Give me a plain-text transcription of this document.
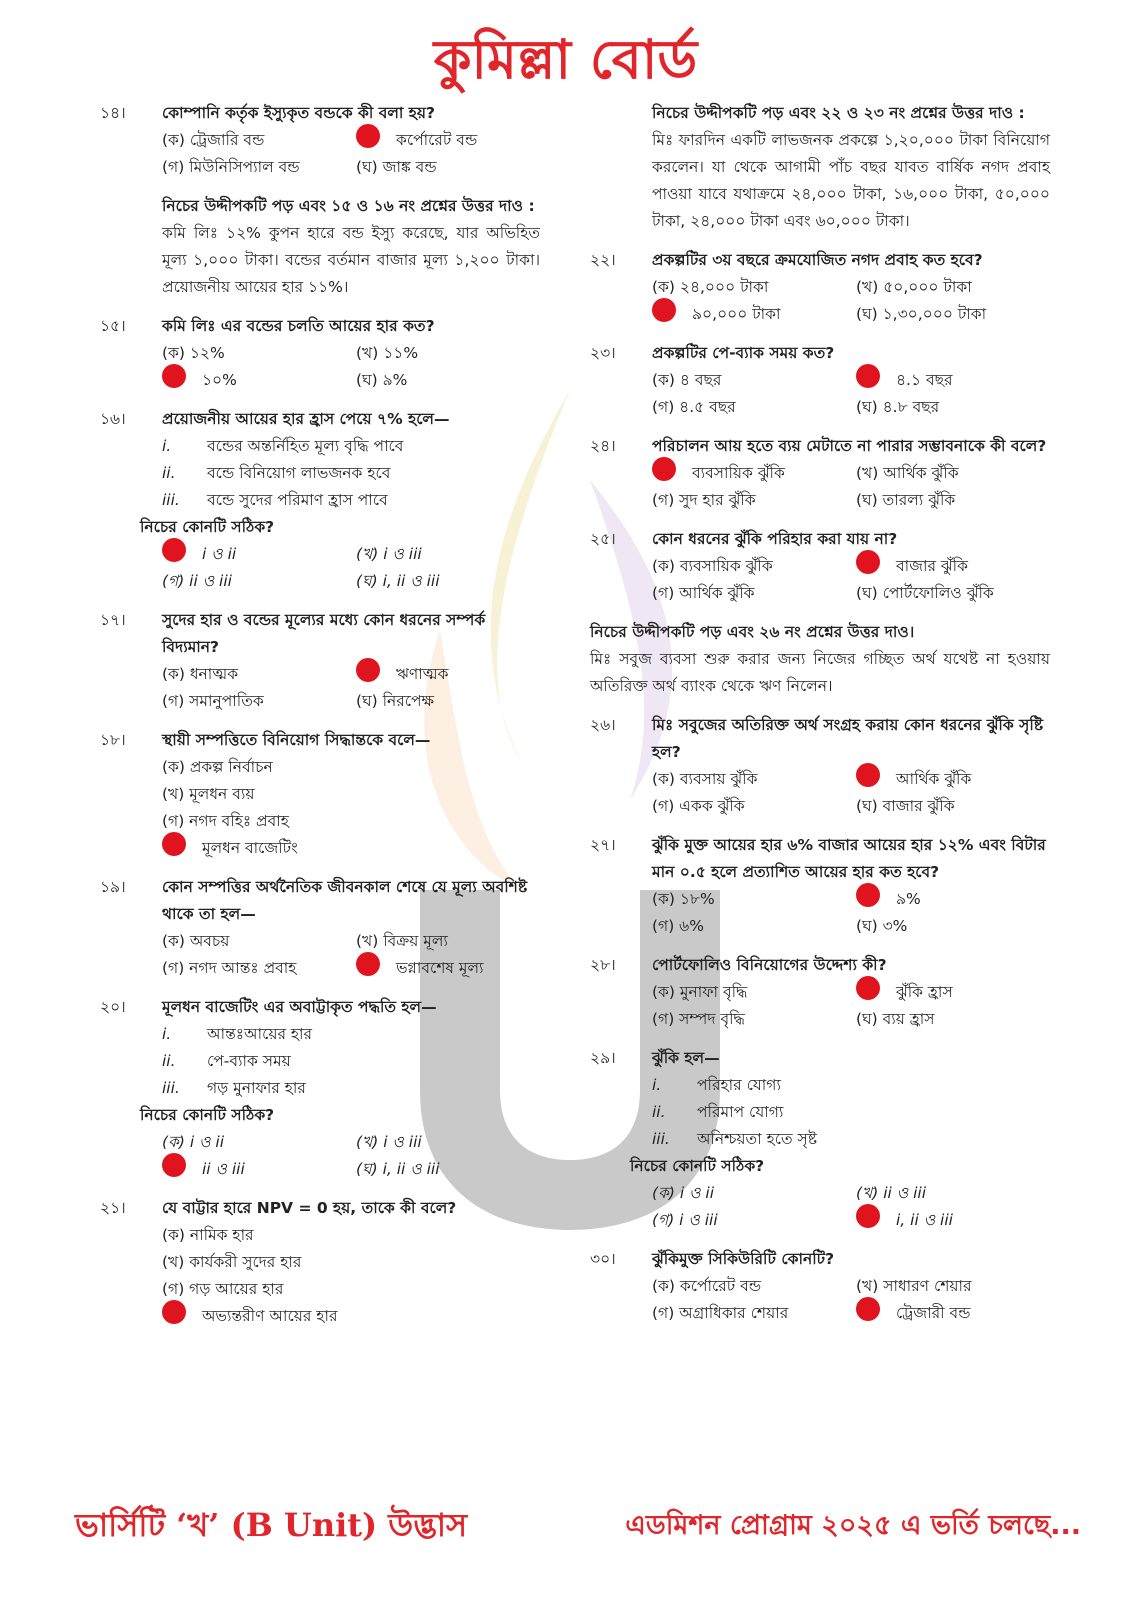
কুমিল্লা বোর্ড
১৪।	কোম্পানি কর্তৃক ইস্যুকৃত বন্ডকে কী বলা হয়?
(ক) ট্রেজারি বন্ড	কর্পোরেট বন্ড
(গ) মিউনিসিপ্যাল বন্ড	(ঘ) জাঙ্ক বন্ড
নিচের উদ্দীপকটি পড় এবং ১৫ ও ১৬ নং প্রশ্নের উত্তর দাও :
কমি লিঃ ১২% কুপন হারে বন্ড ইস্যু করেছে, যার অভিহিত মূল্য ১,০০০ টাকা। বন্ডের বর্তমান বাজার মূল্য ১,২০০ টাকা। প্রয়োজনীয় আয়ের হার ১১%।
১৫।	কমি লিঃ এর বন্ডের চলতি আয়ের হার কত?
(ক) ১২%	(খ) ১১%
১০%	(ঘ) ৯%
১৬।	প্রয়োজনীয় আয়ের হার হ্রাস পেয়ে ৭% হলে—
i.	বন্ডের অন্তর্নিহিত মূল্য বৃদ্ধি পাবে
ii.	বন্ডে বিনিয়োগ লাভজনক হবে
iii.	বন্ডে সুদের পরিমাণ হ্রাস পাবে
নিচের কোনটি সঠিক?
i ও ii	(খ) i ও iii
(গ) ii ও iii	(ঘ) i, ii ও iii
১৭।	সুদের হার ও বন্ডের মূল্যের মধ্যে কোন ধরনের সম্পর্ক বিদ্যমান?
(ক) ধনাত্মক	ঋণাত্মক
(গ) সমানুপাতিক	(ঘ) নিরপেক্ষ
১৮।	স্থায়ী সম্পত্তিতে বিনিয়োগ সিদ্ধান্তকে বলে—
(ক) প্রকল্প নির্বাচন
(খ) মূলধন ব্যয়
(গ) নগদ বহিঃ প্রবাহ
মূলধন বাজেটিং
১৯।	কোন সম্পত্তির অর্থনৈতিক জীবনকাল শেষে যে মূল্য অবশিষ্ট থাকে তা হল—
(ক) অবচয়	(খ) বিক্রয় মূল্য
(গ) নগদ আন্তঃ প্রবাহ	ভগ্নাবশেষ মূল্য
২০।	মূলধন বাজেটিং এর অবাট্টাকৃত পদ্ধতি হল—
i.	আন্তঃআয়ের হার
ii.	পে-ব্যাক সময়
iii.	গড় মুনাফার হার
নিচের কোনটি সঠিক?
(ক) i ও ii	(খ) i ও iii
ii ও iii	(ঘ) i, ii ও iii
২১।	যে বাট্টার হারে NPV = 0 হয়, তাকে কী বলে?
(ক) নামিক হার
(খ) কার্যকরী সুদের হার
(গ) গড় আয়ের হার
অভ্যন্তরীণ আয়ের হার
নিচের উদ্দীপকটি পড় এবং ২২ ও ২৩ নং প্রশ্নের উত্তর দাও :
মিঃ ফারদিন একটি লাভজনক প্রকল্পে ১,২০,০০০ টাকা বিনিয়োগ করলেন। যা থেকে আগামী পাঁচ বছর যাবত বার্ষিক নগদ প্রবাহ পাওয়া যাবে যথাক্রমে ২৪,০০০ টাকা, ১৬,০০০ টাকা, ৫০,০০০ টাকা, ২৪,০০০ টাকা এবং ৬০,০০০ টাকা।
২২।	প্রকল্পটির ৩য় বছরে ক্রমযোজিত নগদ প্রবাহ কত হবে?
(ক) ২৪,০০০ টাকা	(খ) ৫০,০০০ টাকা
৯০,০০০ টাকা	(ঘ) ১,৩০,০০০ টাকা
২৩।	প্রকল্পটির পে-ব্যাক সময় কত?
(ক) ৪ বছর	৪.১ বছর
(গ) ৪.৫ বছর	(ঘ) ৪.৮ বছর
২৪।	পরিচালন আয় হতে ব্যয় মেটাতে না পারার সম্ভাবনাকে কী বলে?
ব্যবসায়িক ঝুঁকি	(খ) আর্থিক ঝুঁকি
(গ) সুদ হার ঝুঁকি	(ঘ) তারল্য ঝুঁকি
২৫।	কোন ধরনের ঝুঁকি পরিহার করা যায় না?
(ক) ব্যবসায়িক ঝুঁকি	বাজার ঝুঁকি
(গ) আর্থিক ঝুঁকি	(ঘ) পোর্টফোলিও ঝুঁকি
নিচের উদ্দীপকটি পড় এবং ২৬ নং প্রশ্নের উত্তর দাও।
মিঃ সবুজ ব্যবসা শুরু করার জন্য নিজের গচ্ছিত অর্থ যথেষ্ট না হওয়ায় অতিরিক্ত অর্থ ব্যাংক থেকে ঋণ নিলেন।
২৬।	মিঃ সবুজের অতিরিক্ত অর্থ সংগ্রহ করায় কোন ধরনের ঝুঁকি সৃষ্টি হল?
(ক) ব্যবসায় ঝুঁকি	আর্থিক ঝুঁকি
(গ) একক ঝুঁকি	(ঘ) বাজার ঝুঁকি
২৭।	ঝুঁকি মুক্ত আয়ের হার ৬% বাজার আয়ের হার ১২% এবং বিটার মান ০.৫ হলে প্রত্যাশিত আয়ের হার কত হবে?
(ক) ১৮%	৯%
(গ) ৬%	(ঘ) ৩%
২৮।	পোর্টফোলিও বিনিয়োগের উদ্দেশ্য কী?
(ক) মুনাফা বৃদ্ধি	ঝুঁকি হ্রাস
(গ) সম্পদ বৃদ্ধি	(ঘ) ব্যয় হ্রাস
২৯।	ঝুঁকি হল—
i.	পরিহার যোগ্য
ii.	পরিমাপ যোগ্য
iii.	অনিশ্চয়তা হতে সৃষ্ট
নিচের কোনটি সঠিক?
(ক) i ও ii	(খ) ii ও iii
(গ) i ও iii	i, ii ও iii
৩০।	ঝুঁকিমুক্ত সিকিউরিটি কোনটি?
(ক) কর্পোরেট বন্ড	(খ) সাধারণ শেয়ার
(গ) অগ্রাধিকার শেয়ার	ট্রেজারী বন্ড
ভার্সিটি ‘খ’ (B Unit) উদ্ভাস	এডমিশন প্রোগ্রাম ২০২৫ এ ভর্তি চলছে...
